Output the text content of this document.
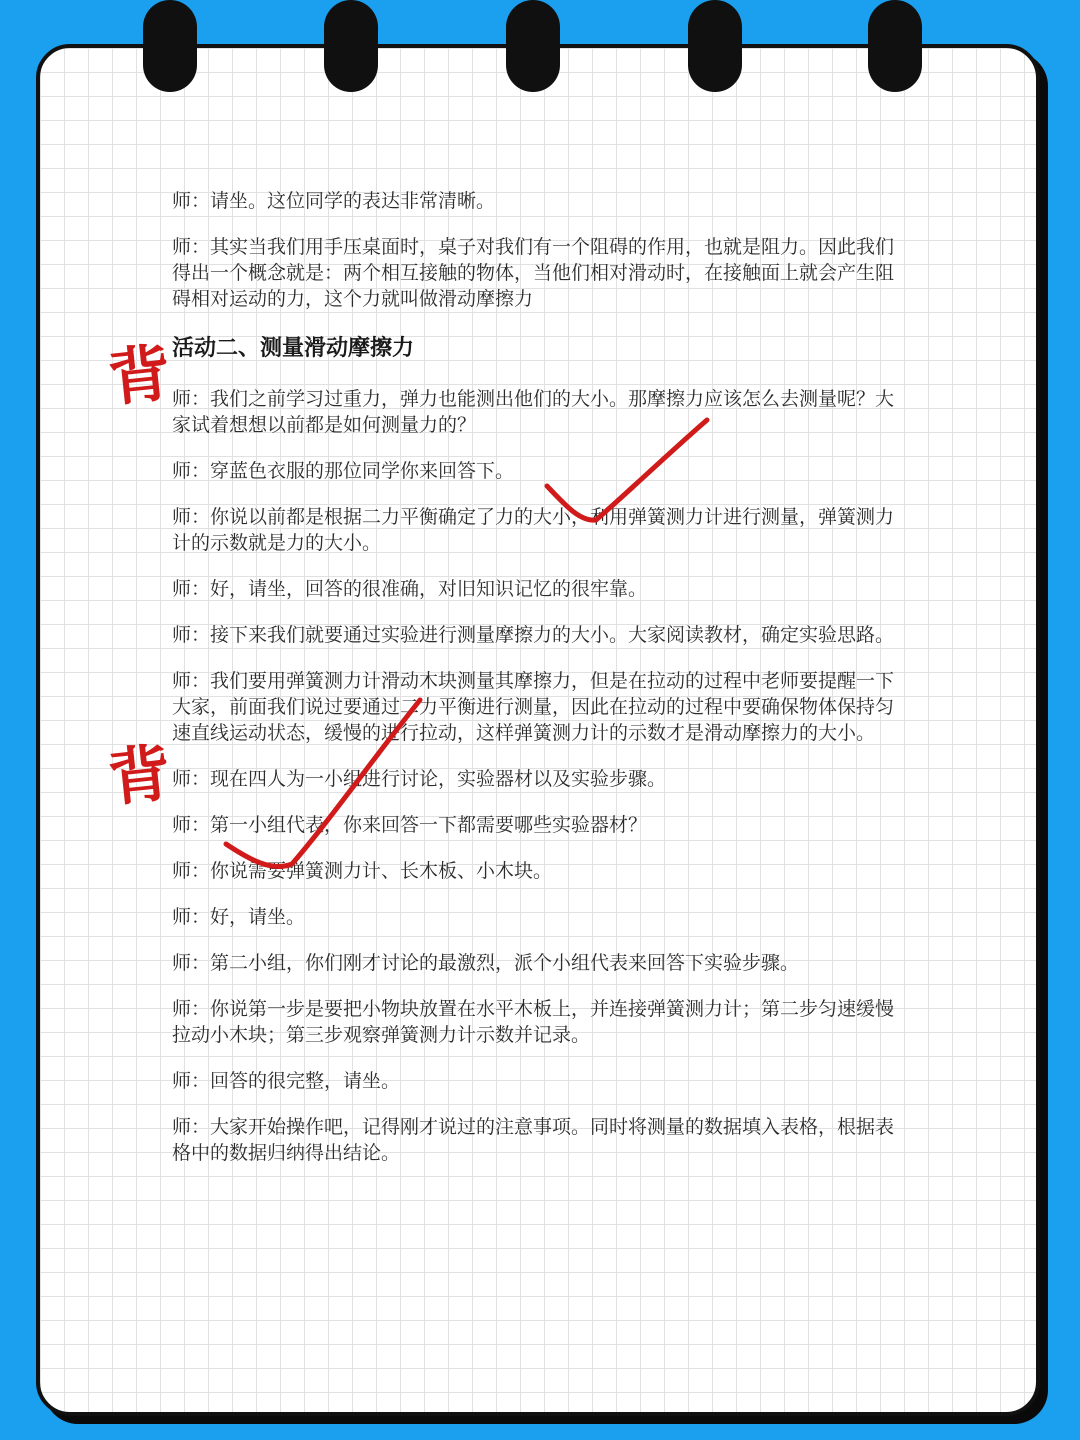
师：请坐。这位同学的表达非常清晰。

师：其实当我们用手压桌面时，桌子对我们有一个阻碍的作用，也就是阻力。因此我们得出一个概念就是：两个相互接触的物体，当他们相对滑动时，在接触面上就会产生阻碍相对运动的力，这个力就叫做滑动摩擦力

活动二、测量滑动摩擦力

师：我们之前学习过重力，弹力也能测出他们的大小。那摩擦力应该怎么去测量呢？大家试着想想以前都是如何测量力的？

师：穿蓝色衣服的那位同学你来回答下。

师：你说以前都是根据二力平衡确定了力的大小，利用弹簧测力计进行测量，弹簧测力计的示数就是力的大小。

师：好，请坐，回答的很准确，对旧知识记忆的很牢靠。

师：接下来我们就要通过实验进行测量摩擦力的大小。大家阅读教材，确定实验思路。

师：我们要用弹簧测力计滑动木块测量其摩擦力，但是在拉动的过程中老师要提醒一下大家，前面我们说过要通过二力平衡进行测量，因此在拉动的过程中要确保物体保持匀速直线运动状态，缓慢的进行拉动，这样弹簧测力计的示数才是滑动摩擦力的大小。

师：现在四人为一小组进行讨论，实验器材以及实验步骤。

师：第一小组代表，你来回答一下都需要哪些实验器材？

师：你说需要弹簧测力计、长木板、小木块。

师：好，请坐。

师：第二小组，你们刚才讨论的最激烈，派个小组代表来回答下实验步骤。

师：你说第一步是要把小物块放置在水平木板上，并连接弹簧测力计；第二步匀速缓慢拉动小木块；第三步观察弹簧测力计示数并记录。

师：回答的很完整，请坐。

师：大家开始操作吧，记得刚才说过的注意事项。同时将测量的数据填入表格，根据表格中的数据归纳得出结论。

背
背
